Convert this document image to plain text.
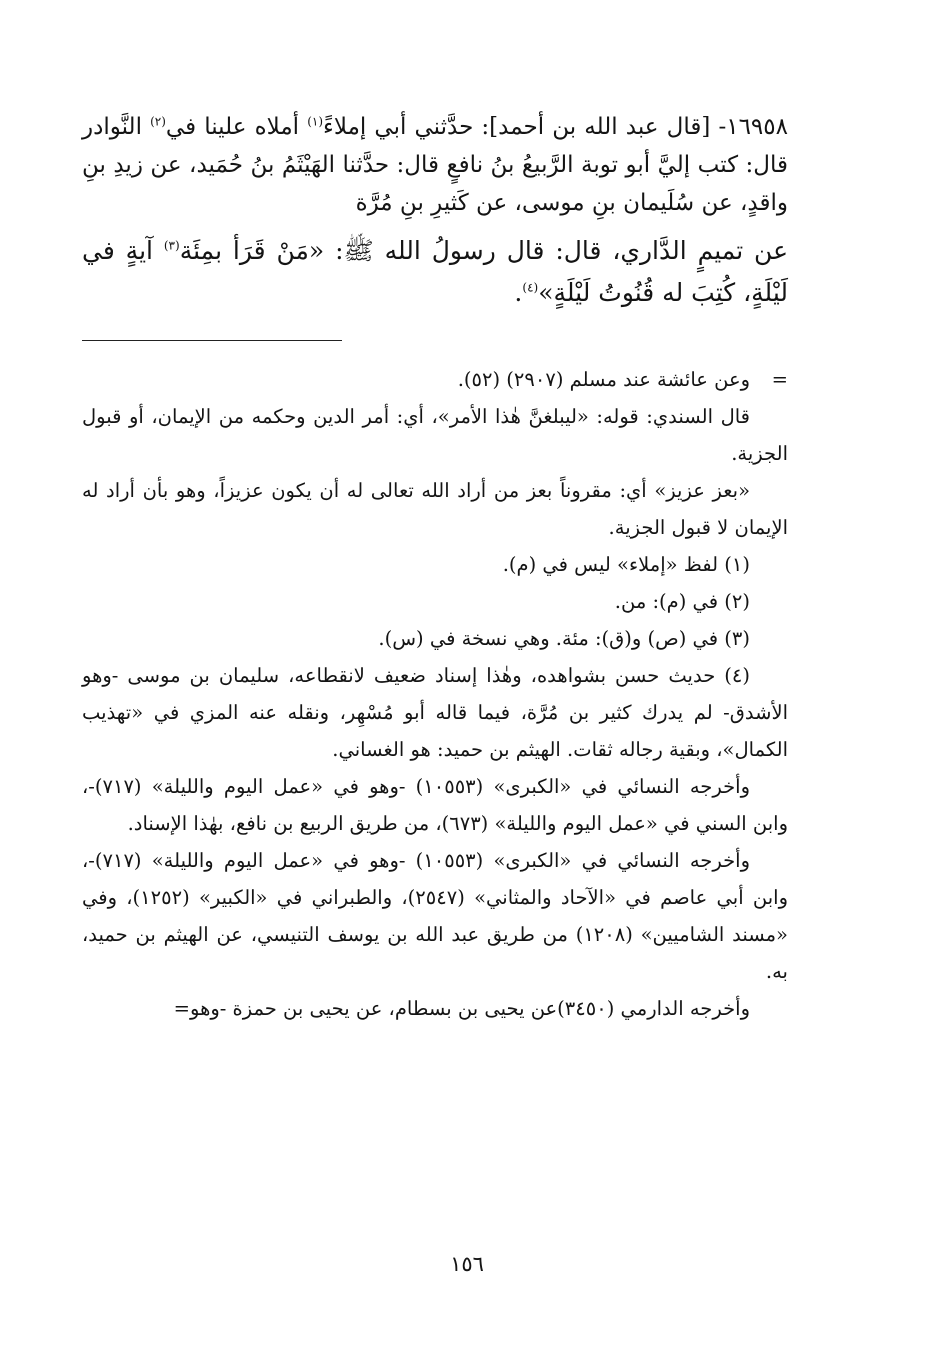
١٦٩٥٨- [قال عبد الله بن أحمد]: حدَّثني أبي إملاءً$^{(١)}$ أملاه علينا في$^{(٢)}$ النَّوادر قال: كتب إليَّ أبو توبة الرَّبيعُ بنُ نافعٍ قال: حدَّثنا الهَيْثَمُ بنُ حُمَيد، عن زيدِ بنِ واقدٍ، عن سُلَيمان بنِ موسى، عن كَثيرِ بنِ مُرَّة

عن تميمٍ الدَّاري، قال: قال رسولُ الله ﷺ: «مَنْ قَرَأ بمِئَة$^{(٣)}$ آيةٍ في لَيْلَةٍ، كُتِبَ له قُنُوتُ لَيْلَةٍ»$^{(٤)}$.

=وعن عائشة عند مسلم (٢٩٠٧) (٥٢).

قال السندي: قوله: «ليبلغنَّ هٰذا الأمر»، أي: أمر الدين وحكمه من الإيمان، أو قبول الجزية.

«بعز عزيز» أي: مقروناً بعز من أراد الله تعالى له أن يكون عزيزاً، وهو بأن أراد له الإيمان لا قبول الجزية.

(١) لفظ «إملاء» ليس في (م).

(٢) في (م): من.

(٣) في (ص) و(ق): مئة. وهي نسخة في (س).

(٤) حديث حسن بشواهده، وهٰذا إسناد ضعيف لانقطاعه، سليمان بن موسى -وهو الأشدق- لم يدرك كثير بن مُرَّة، فيما قاله أبو مُسْهِر، ونقله عنه المزي في «تهذيب الكمال»، وبقية رجاله ثقات. الهيثم بن حميد: هو الغساني.

وأخرجه النسائي في «الكبرى» (١٠٥٥٣) -وهو في «عمل اليوم والليلة» (٧١٧)-، وابن السني في «عمل اليوم والليلة» (٦٧٣)، من طريق الربيع بن نافع، بهٰذا الإسناد.

وأخرجه النسائي في «الكبرى» (١٠٥٥٣) -وهو في «عمل اليوم والليلة» (٧١٧)-، وابن أبي عاصم في «الآحاد والمثاني» (٢٥٤٧)، والطبراني في «الكبير» (١٢٥٢)، وفي «مسند الشاميين» (١٢٠٨) من طريق عبد الله بن يوسف التنيسي، عن الهيثم بن حميد، به.

وأخرجه الدارمي (٣٤٥٠)عن يحيى بن بسطام، عن يحيى بن حمزة -وهو=

١٥٦
